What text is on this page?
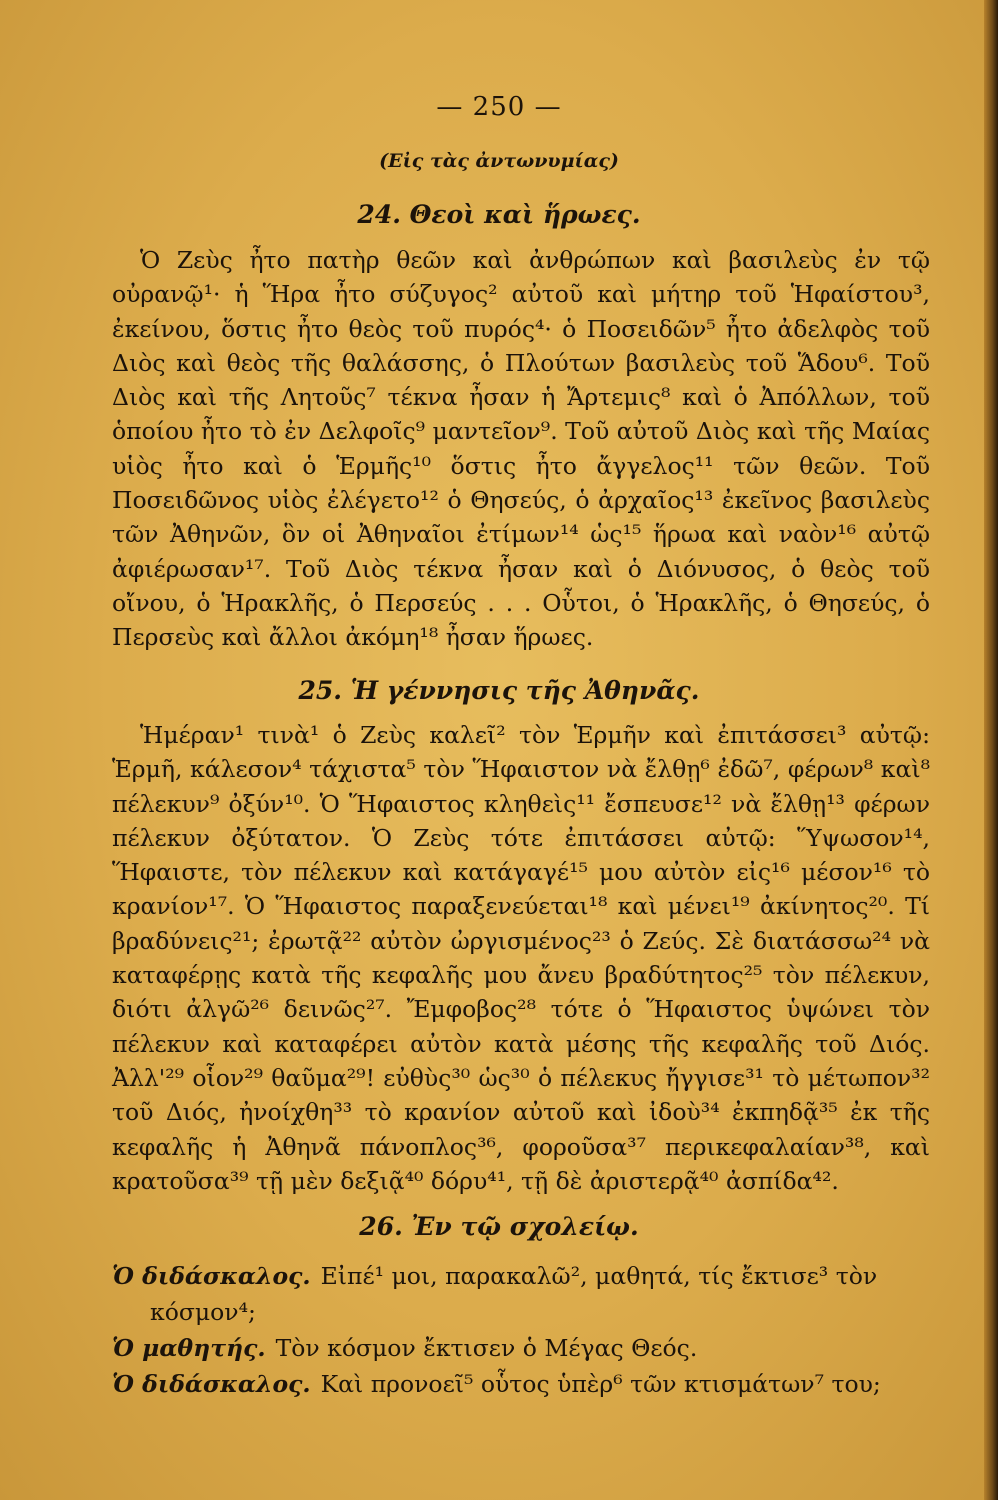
— 250 —
(Εἰς τὰς ἀντωνυμίας)
24. Θεοὶ καὶ ἥρωες.

Ὁ Ζεὺς ἦτο πατὴρ θεῶν καὶ ἀνθρώπων καὶ βασιλεὺς ἐν τῷ οὐρανῷ¹· ἡ Ἥρα ἦτο σύζυγος² αὐτοῦ καὶ μήτηρ τοῦ Ἡφαίστου³, ἐκείνου, ὅστις ἦτο θεὸς τοῦ πυρός⁴· ὁ Ποσειδῶν⁵ ἦτο ἀδελφὸς τοῦ Διὸς καὶ θεὸς τῆς θαλάσσης, ὁ Πλούτων βασιλεὺς τοῦ Ἅδου⁶. Τοῦ Διὸς καὶ τῆς Λητοῦς⁷ τέκνα ἦσαν ἡ Ἄρτεμις⁸ καὶ ὁ Ἀπόλλων, τοῦ ὁποίου ἦτο τὸ ἐν Δελφοῖς⁹ μαντεῖον⁹. Τοῦ αὐτοῦ Διὸς καὶ τῆς Μαίας υἱὸς ἦτο καὶ ὁ Ἑρμῆς¹⁰ ὅστις ἦτο ἄγγελος¹¹ τῶν θεῶν. Τοῦ Ποσειδῶνος υἱὸς ἐλέγετο¹² ὁ Θησεύς, ὁ ἀρχαῖος¹³ ἐκεῖνος βασιλεὺς τῶν Ἀθηνῶν, ὃν οἱ Ἀθηναῖοι ἐτίμων¹⁴ ὡς¹⁵ ἥρωα καὶ ναὸν¹⁶ αὐτῷ ἀφιέρωσαν¹⁷. Τοῦ Διὸς τέκνα ἦσαν καὶ ὁ Διόνυσος, ὁ θεὸς τοῦ οἴνου, ὁ Ἡρακλῆς, ὁ Περσεύς . . . Οὗτοι, ὁ Ἡρακλῆς, ὁ Θησεύς, ὁ Περσεὺς καὶ ἄλλοι ἀκόμη¹⁸ ἦσαν ἥρωες.

25. Ἡ γέννησις τῆς Ἀθηνᾶς.

Ἡμέραν¹ τινὰ¹ ὁ Ζεὺς καλεῖ² τὸν Ἑρμῆν καὶ ἐπιτάσσει³ αὐτῷ: Ἑρμῆ, κάλεσον⁴ τάχιστα⁵ τὸν Ἥφαιστον νὰ ἔλθῃ⁶ ἐδῶ⁷, φέρων⁸ καὶ⁸ πέλεκυν⁹ ὀξύν¹⁰. Ὁ Ἥφαιστος κληθεὶς¹¹ ἔσπευσε¹² νὰ ἔλθῃ¹³ φέρων πέλεκυν ὀξύτατον. Ὁ Ζεὺς τότε ἐπιτάσσει αὐτῷ: Ὕψωσον¹⁴, Ἥφαιστε, τὸν πέλεκυν καὶ κατάγαγέ¹⁵ μου αὐτὸν εἰς¹⁶ μέσον¹⁶ τὸ κρανίον¹⁷. Ὁ Ἥφαιστος παραξενεύεται¹⁸ καὶ μένει¹⁹ ἀκίνητος²⁰. Τί βραδύνεις²¹; ἐρωτᾷ²² αὐτὸν ὠργισμένος²³ ὁ Ζεύς. Σὲ διατάσσω²⁴ νὰ καταφέρῃς κατὰ τῆς κεφαλῆς μου ἄνευ βραδύτητος²⁵ τὸν πέλεκυν, διότι ἀλγῶ²⁶ δεινῶς²⁷. Ἔμφοβος²⁸ τότε ὁ Ἥφαιστος ὑψώνει τὸν πέλεκυν καὶ καταφέρει αὐτὸν κατὰ μέσης τῆς κεφαλῆς τοῦ Διός. Ἀλλ'²⁹ οἷον²⁹ θαῦμα²⁹! εὐθὺς³⁰ ὡς³⁰ ὁ πέλεκυς ἤγγισε³¹ τὸ μέτωπον³² τοῦ Διός, ἠνοίχθη³³ τὸ κρανίον αὐτοῦ καὶ ἰδοὺ³⁴ ἐκπηδᾷ³⁵ ἐκ τῆς κεφαλῆς ἡ Ἀθηνᾶ πάνοπλος³⁶, φοροῦσα³⁷ περικεφαλαίαν³⁸, καὶ κρατοῦσα³⁹ τῇ μὲν δεξιᾷ⁴⁰ δόρυ⁴¹, τῇ δὲ ἀριστερᾷ⁴⁰ ἀσπίδα⁴².

26. Ἐν τῷ σχολείῳ.

Ὁ διδάσκαλος. Εἰπέ¹ μοι, παρακαλῶ², μαθητά, τίς ἔκτισε³ τὸν

κόσμον⁴;

Ὁ μαθητής. Τὸν κόσμον ἔκτισεν ὁ Μέγας Θεός.

Ὁ διδάσκαλος. Καὶ προνοεῖ⁵ οὗτος ὑπὲρ⁶ τῶν κτισμάτων⁷ του;
